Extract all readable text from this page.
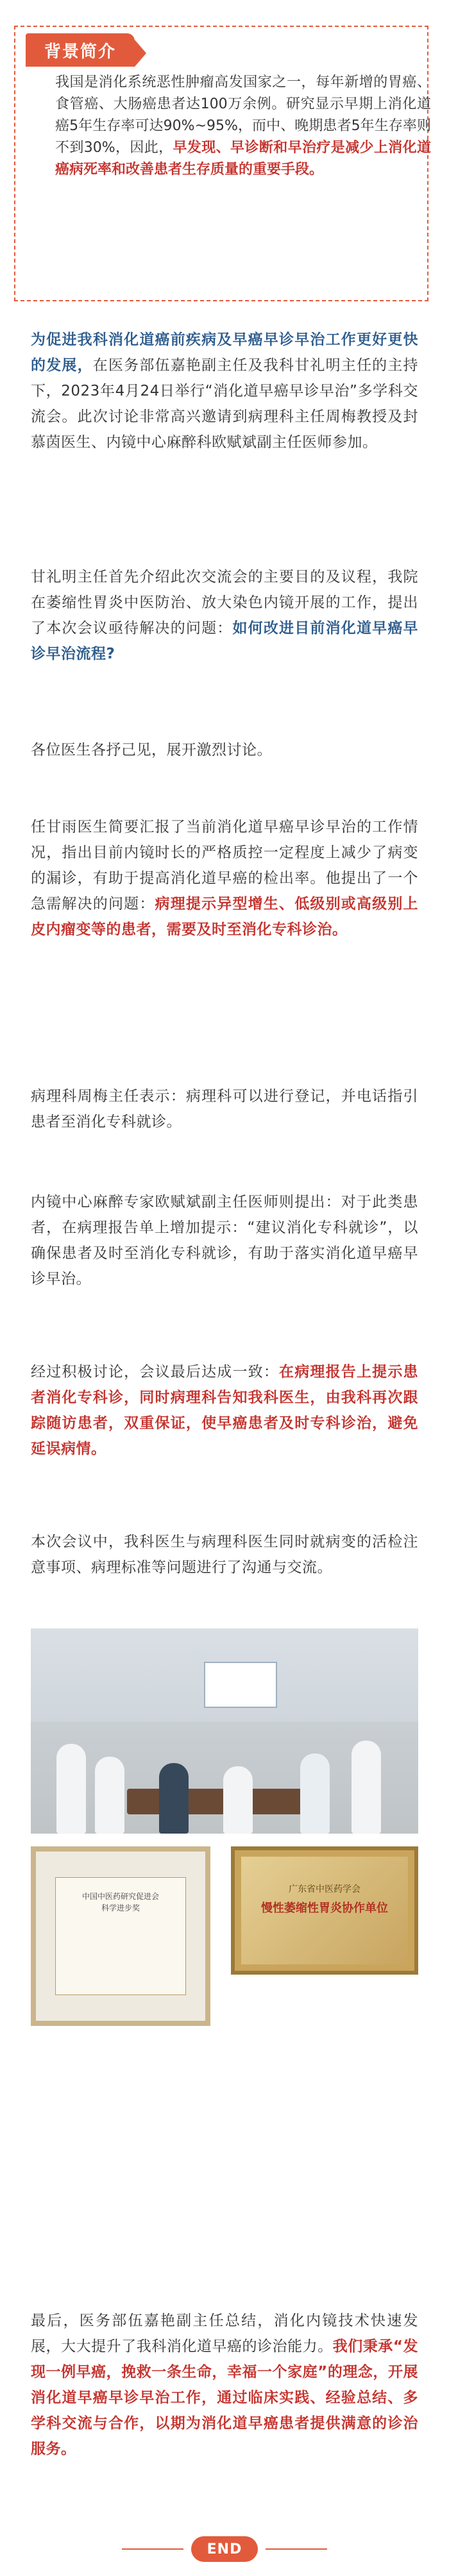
背景简介
我国是消化系统恶性肿瘤高发国家之一，每年新增的胃癌、食管癌、大肠癌患者达100万余例。研究显示早期上消化道癌5年生存率可达90%~95%，而中、晚期患者5年生存率则不到30%，因此，早发现、早诊断和早治疗是减少上消化道癌病死率和改善患者生存质量的重要手段。
为促进我科消化道癌前疾病及早癌早诊早治工作更好更快的发展，在医务部伍嘉艳副主任及我科甘礼明主任的主持下，2023年4月24日举行“消化道早癌早诊早治”多学科交流会。此次讨论非常高兴邀请到病理科主任周梅教授及封慕茵医生、内镜中心麻醉科欧赋斌副主任医师参加。
甘礼明主任首先介绍此次交流会的主要目的及议程，我院在萎缩性胃炎中医防治、放大染色内镜开展的工作，提出了本次会议亟待解决的问题：如何改进目前消化道早癌早诊早治流程?
各位医生各抒己见，展开激烈讨论。
任甘雨医生简要汇报了当前消化道早癌早诊早治的工作情况，指出目前内镜时长的严格质控一定程度上减少了病变的漏诊，有助于提高消化道早癌的检出率。他提出了一个急需解决的问题：病理提示异型增生、低级别或高级别上皮内瘤变等的患者，需要及时至消化专科诊治。
病理科周梅主任表示：病理科可以进行登记，并电话指引患者至消化专科就诊。
内镜中心麻醉专家欧赋斌副主任医师则提出：对于此类患者，在病理报告单上增加提示：“建议消化专科就诊”，以确保患者及时至消化专科就诊，有助于落实消化道早癌早诊早治。
经过积极讨论，会议最后达成一致：在病理报告上提示患者消化专科诊，同时病理科告知我科医生，由我科再次跟踪随访患者，双重保证，使早癌患者及时专科诊治，避免延误病情。
本次会议中，我科医生与病理科医生同时就病变的活检注意事项、病理标准等问题进行了沟通与交流。
中国中医药研究促进会
科学进步奖
广东省中医药学会
慢性萎缩性胃炎协作单位
最后，医务部伍嘉艳副主任总结，消化内镜技术快速发展，大大提升了我科消化道早癌的诊治能力。我们秉承“发现一例早癌，挽救一条生命，幸福一个家庭”的理念，开展消化道早癌早诊早治工作，通过临床实践、经验总结、多学科交流与合作，以期为消化道早癌患者提供满意的诊治服务。
END
